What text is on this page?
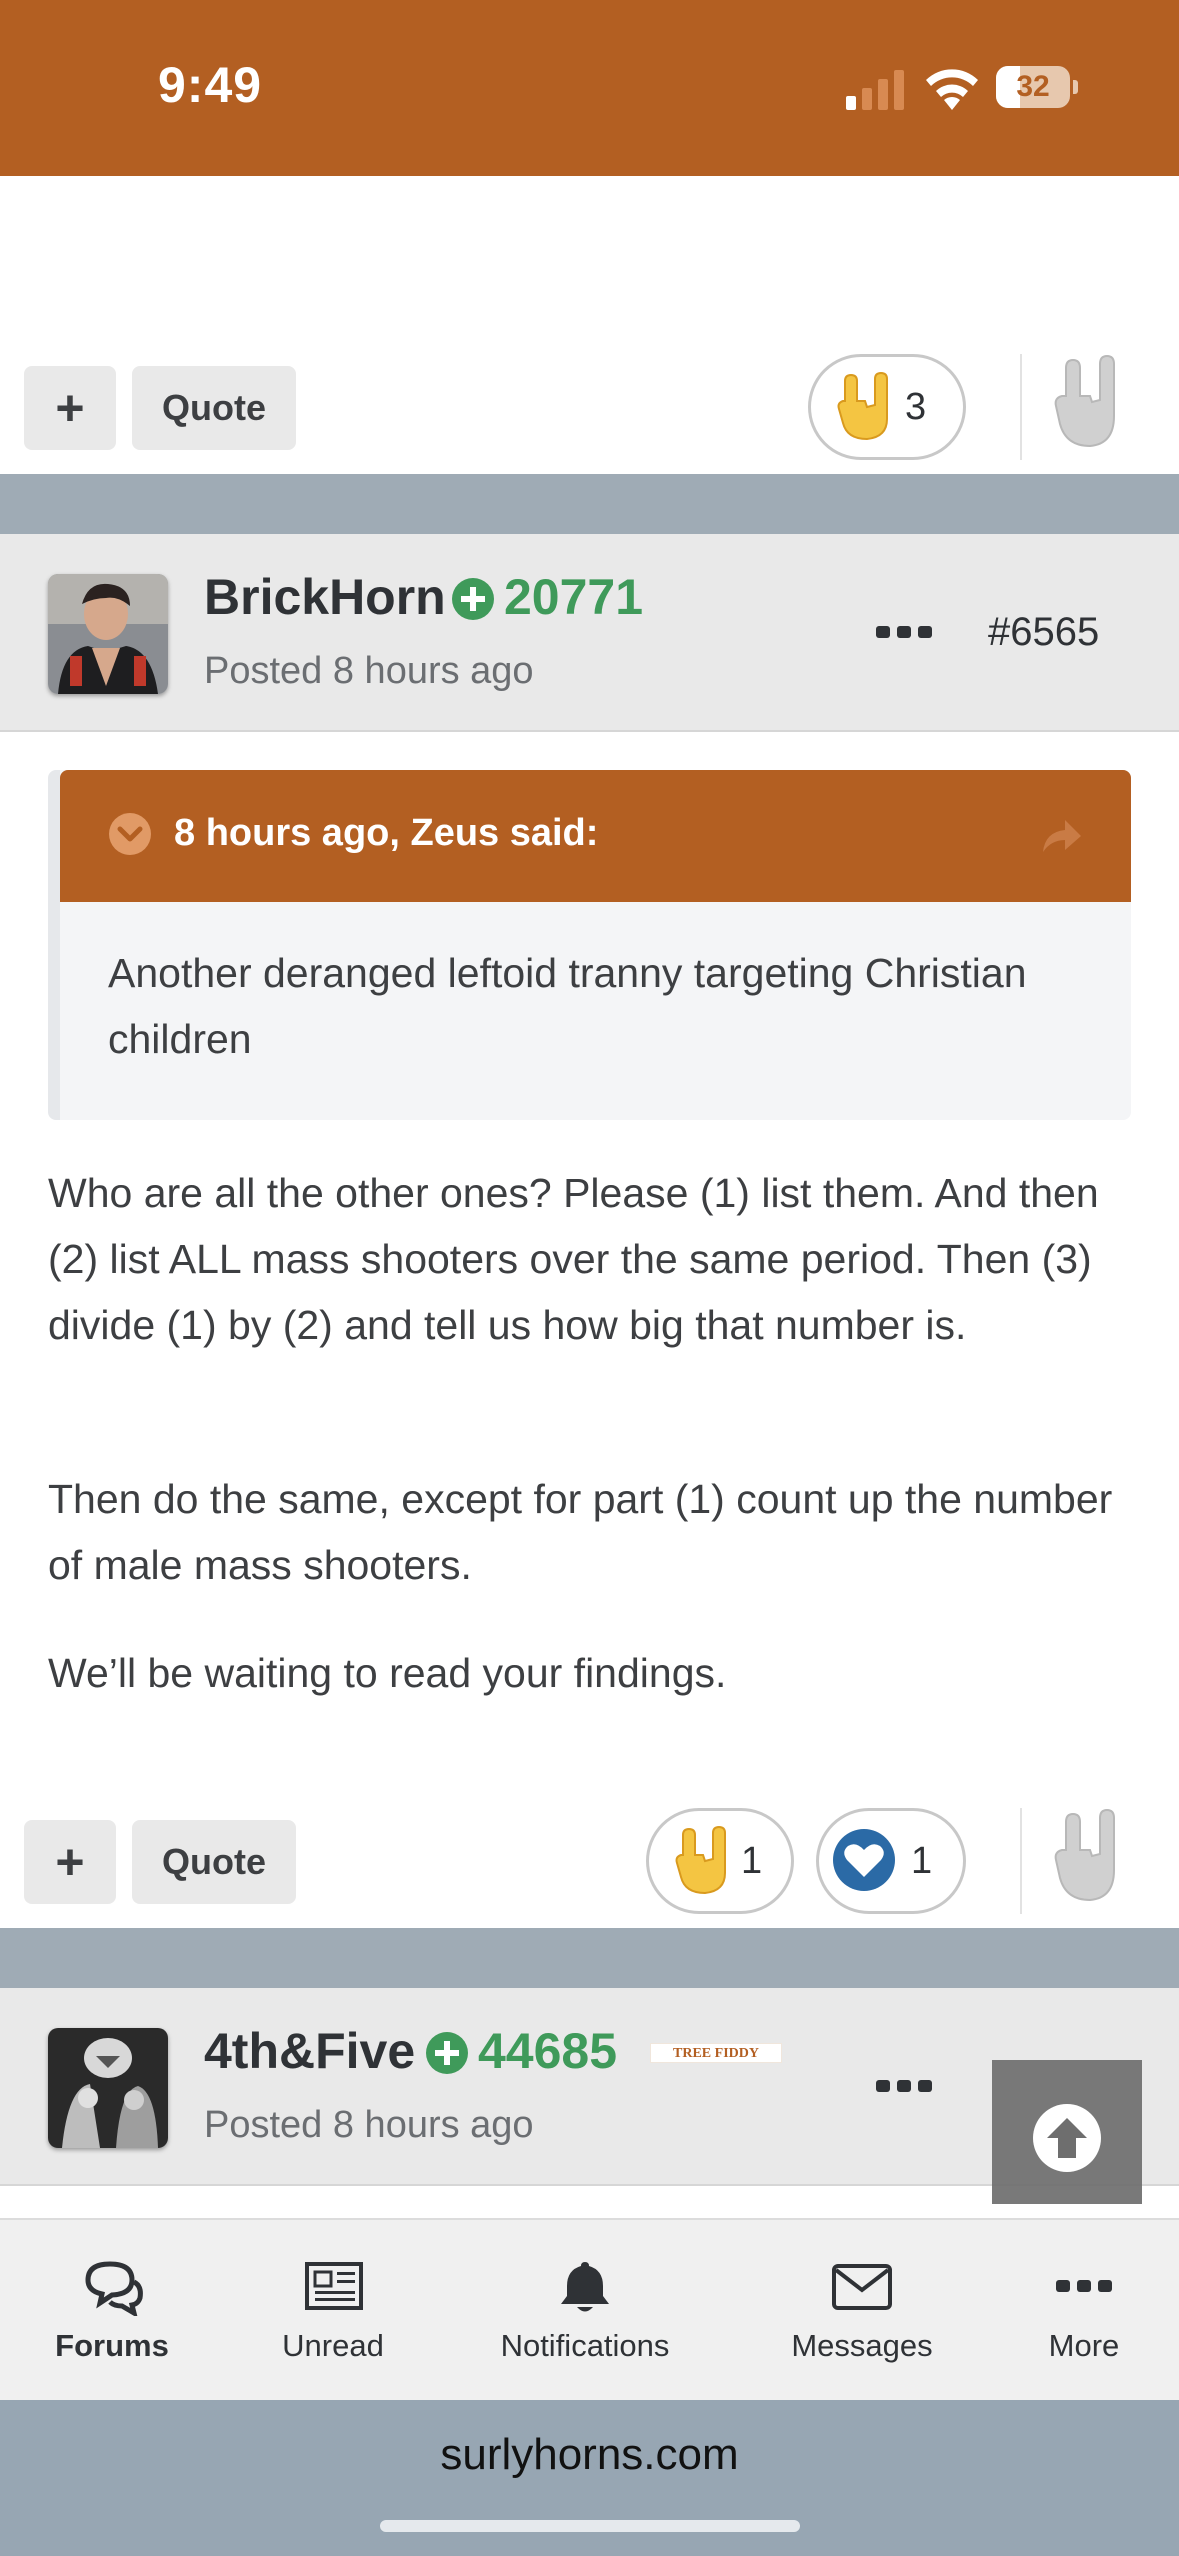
9:49	32
+	Quote	3
BrickHorn 20771
Posted 8 hours ago
#6565
8 hours ago, Zeus said:
Another deranged leftoid tranny targeting Christian children
Who are all the other ones? Please (1) list them. And then (2) list ALL mass shooters over the same period. Then (3) divide (1) by (2) and tell us how big that number is.
Then do the same, except for part (1) count up the number of male mass shooters.
We’ll be waiting to read your findings.
+	Quote	1	1
4th&Five 44685
Posted 8 hours ago
TREE FIDDY
Forums	Unread	Notifications	Messages	More
surlyhorns.com
